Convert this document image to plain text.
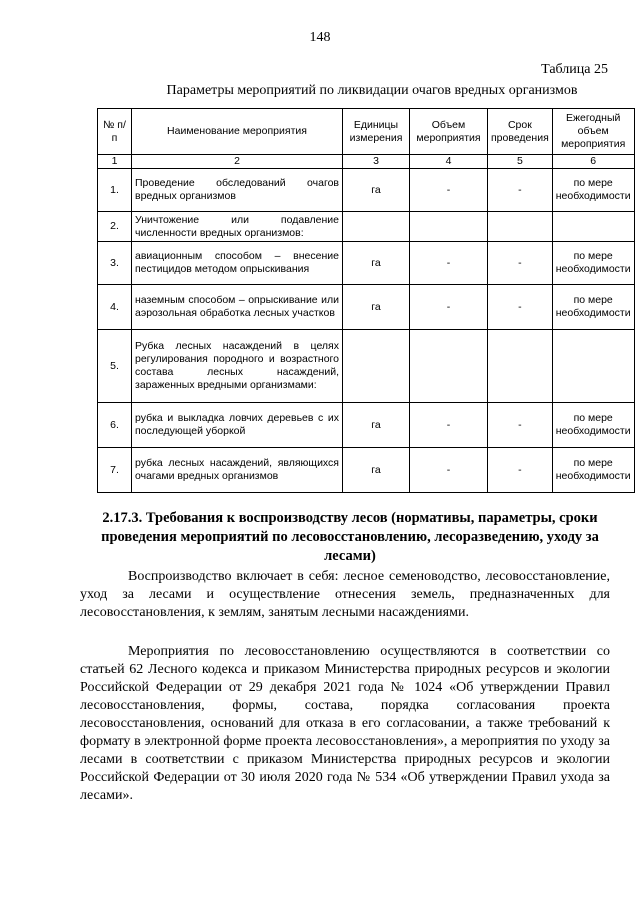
148
Таблица 25
Параметры мероприятий по ликвидации очагов вредных организмов
№ п/п	Наименование мероприятия	Единицы измерения	Объем мероприятия	Срок проведения	Ежегодный объем мероприятия
1	2	3	4	5	6
1.	Проведение обследований очагов вредных организмов	га	-	-	по мере необходимости
2.	Уничтожение или подавление численности вредных организмов:				
3.	авиационным способом – внесение пестицидов методом опрыскивания	га	-	-	по мере необходимости
4.	наземным способом – опрыскивание или аэрозольная обработка лесных участков	га	-	-	по мере необходимости
5.	Рубка лесных насаждений в целях регулирования породного и возрастного состава лесных насаждений, зараженных вредными организмами:				
6.	рубка и выкладка ловчих деревьев с их последующей уборкой	га	-	-	по мере необходимости
7.	рубка лесных насаждений, являющихся очагами вредных организмов	га	-	-	по мере необходимости
2.17.3. Требования к воспроизводству лесов (нормативы, параметры, сроки проведения мероприятий по лесовосстановлению, лесоразведению, уходу за лесами)

Воспроизводство включает в себя: лесное семеноводство, лесовосстановление, уход за лесами и осуществление отнесения земель, предназначенных для лесовосстановления, к землям, занятым лесными насаждениями.

Мероприятия по лесовосстановлению осуществляются в соответствии со статьей 62 Лесного кодекса и приказом Министерства природных ресурсов и экологии Российской Федерации от 29 декабря 2021 года № 1024 «Об утверждении Правил лесовосстановления, формы, состава, порядка согласования проекта лесовосстановления, оснований для отказа в его согласовании, а также требований к формату в электронной форме проекта лесовосстановления», а мероприятия по уходу за лесами в соответствии с приказом Министерства природных ресурсов и экологии Российской Федерации от 30 июля 2020 года № 534 «Об утверждении Правил ухода за лесами».
